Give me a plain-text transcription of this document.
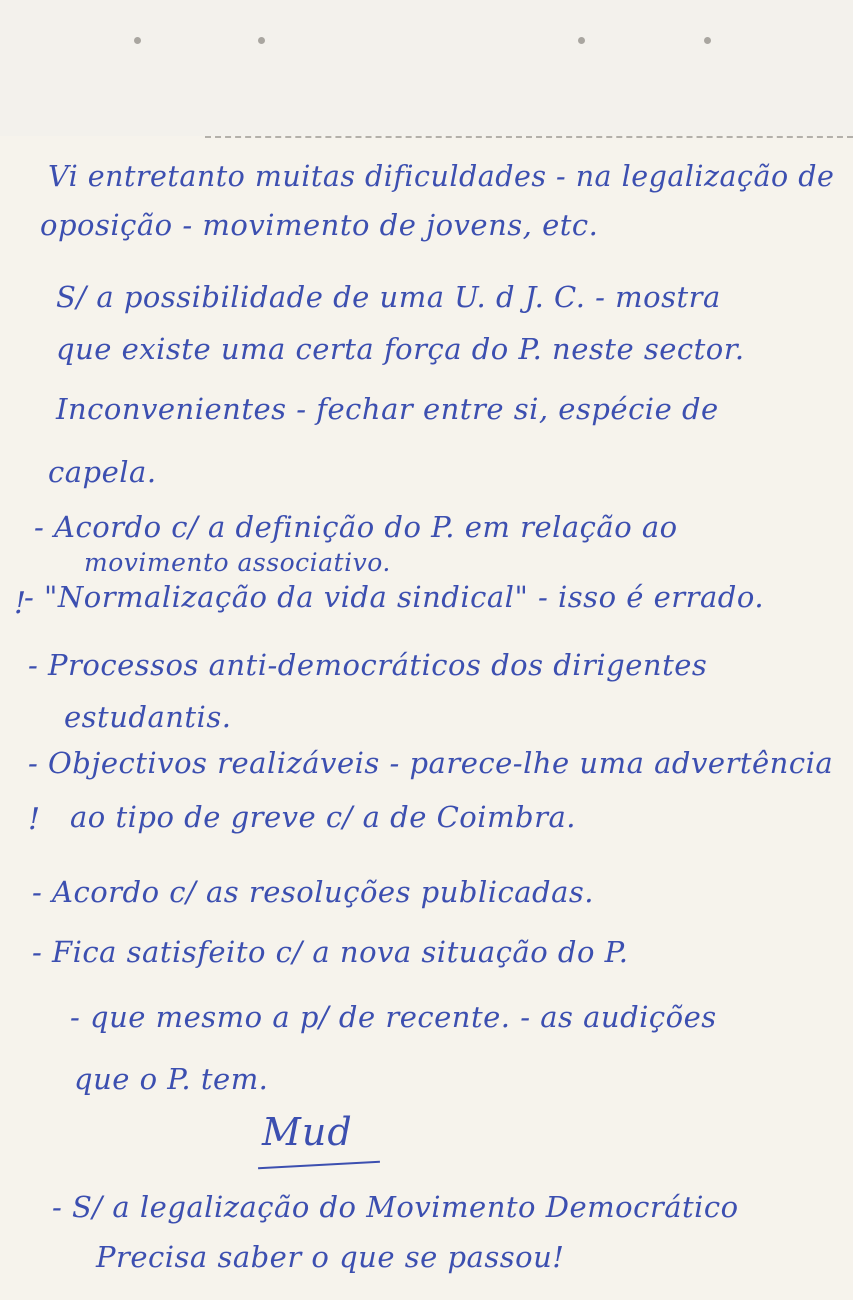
Vi entretanto muitas dificuldades - na legalização de
oposição - movimento de jovens, etc.
S/ a possibilidade de uma U. d J. C. - mostra
que existe uma certa força do P. neste sector.
Inconvenientes - fechar entre si, espécie de
capela.
- Acordo c/ a definição do P. em relação ao
movimento associativo.
- "Normalização da vida sindical" - isso é errado.
- Processos anti-democráticos dos dirigentes
estudantis.
- Objectivos realizáveis - parece-lhe uma advertência
ao tipo de greve c/ a de Coimbra.
- Acordo c/ as resoluções publicadas.
- Fica satisfeito c/ a nova situação do P.
- que mesmo a p/ de recente. - as audições
que o P. tem.
!
!
Mud
- S/ a legalização do Movimento Democrático
Precisa saber o que se passou!
